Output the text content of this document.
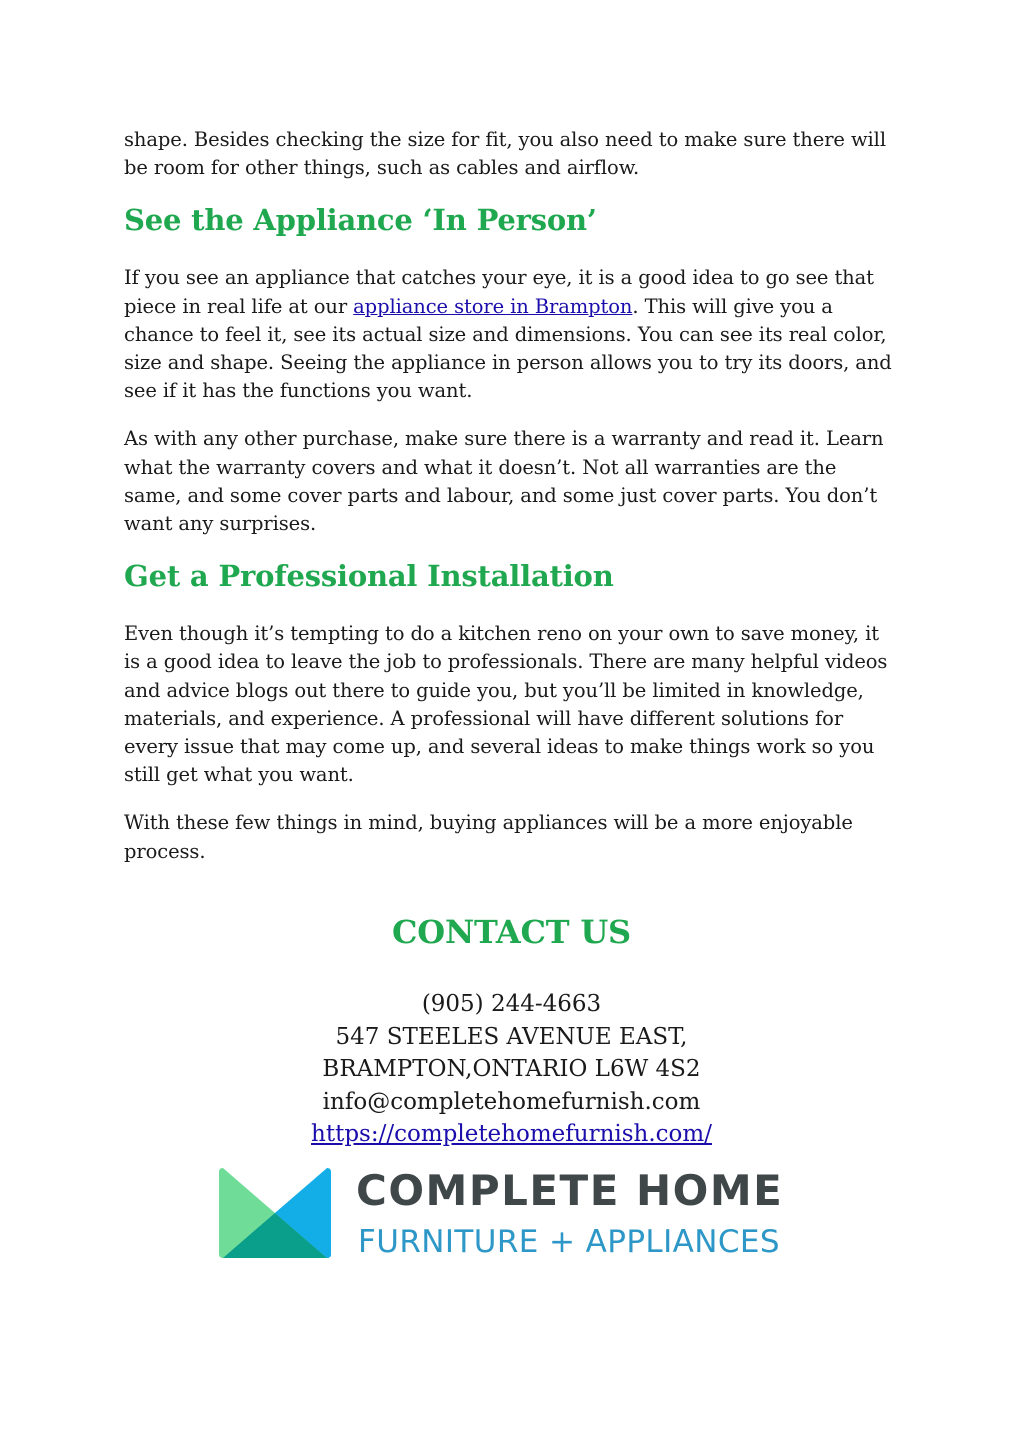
shape. Besides checking the size for fit, you also need to make sure there will be room for other things, such as cables and airflow.

See the Appliance ‘In Person’

If you see an appliance that catches your eye, it is a good idea to go see that piece in real life at our appliance store in Brampton. This will give you a chance to feel it, see its actual size and dimensions. You can see its real color, size and shape. Seeing the appliance in person allows you to try its doors, and see if it has the functions you want.

As with any other purchase, make sure there is a warranty and read it. Learn what the warranty covers and what it doesn’t. Not all warranties are the same, and some cover parts and labour, and some just cover parts. You don’t want any surprises.

Get a Professional Installation

Even though it’s tempting to do a kitchen reno on your own to save money, it is a good idea to leave the job to professionals. There are many helpful videos and advice blogs out there to guide you, but you’ll be limited in knowledge, materials, and experience. A professional will have different solutions for every issue that may come up, and several ideas to make things work so you still get what you want.

With these few things in mind, buying appliances will be a more enjoyable process.

CONTACT US
(905) 244-4663
547 STEELES AVENUE EAST,
BRAMPTON,ONTARIO L6W 4S2
info@completehomefurnish.com
https://completehomefurnish.com/
COMPLETE HOME
FURNITURE + APPLIANCES
